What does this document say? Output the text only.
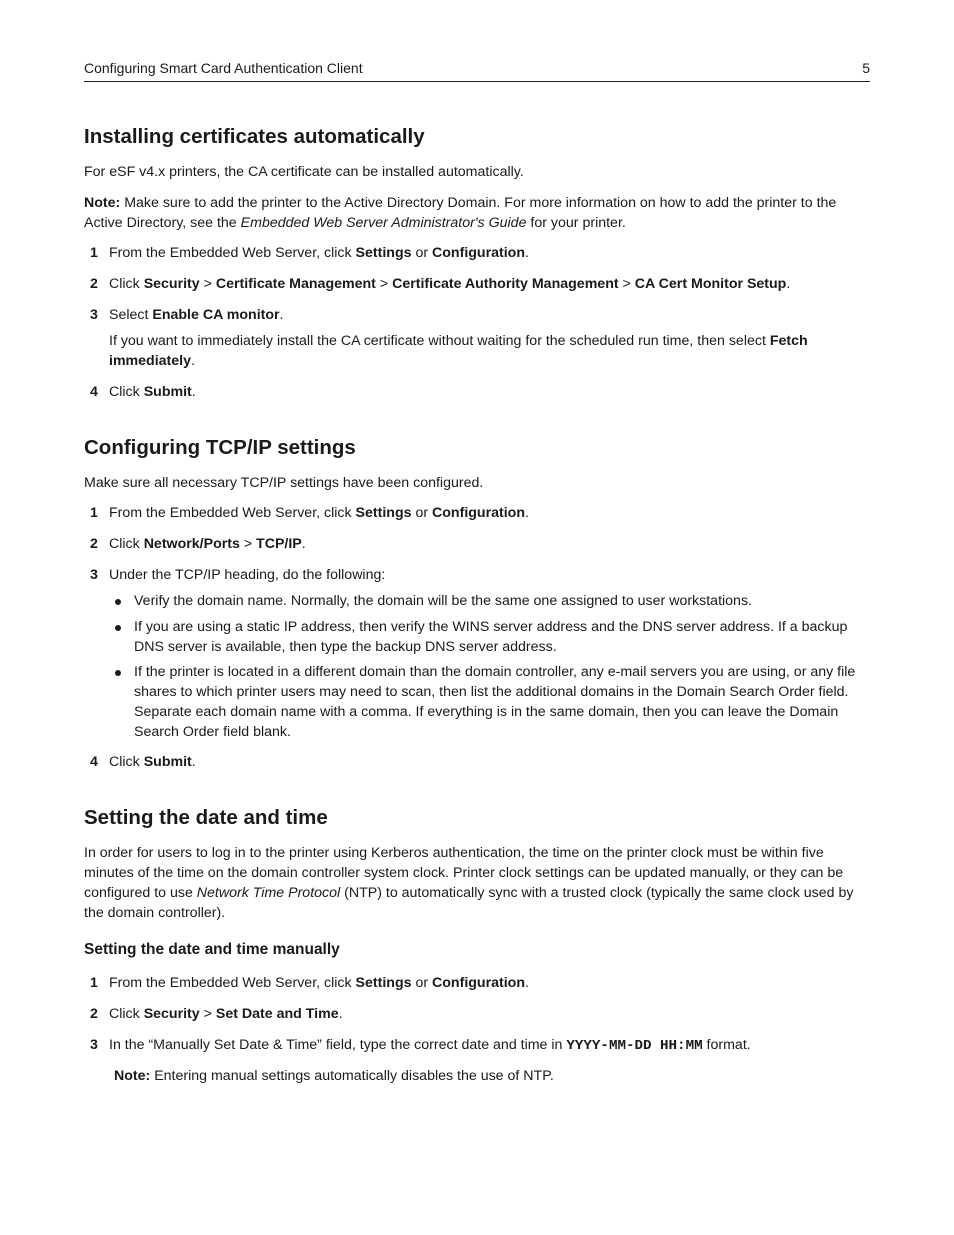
Configuring Smart Card Authentication Client	5
Installing certificates automatically

For eSF v4.x printers, the CA certificate can be installed automatically.

Note: Make sure to add the printer to the Active Directory Domain. For more information on how to add the printer to the Active Directory, see the Embedded Web Server Administrator's Guide for your printer.

1 From the Embedded Web Server, click Settings or Configuration.
2 Click Security > Certificate Management > Certificate Authority Management > CA Cert Monitor Setup.
3 Select Enable CA monitor.
If you want to immediately install the CA certificate without waiting for the scheduled run time, then select Fetch immediately.
4 Click Submit.
Configuring TCP/IP settings

Make sure all necessary TCP/IP settings have been configured.

1 From the Embedded Web Server, click Settings or Configuration.
2 Click Network/Ports > TCP/IP.
3 Under the TCP/IP heading, do the following:
Verify the domain name. Normally, the domain will be the same one assigned to user workstations.
If you are using a static IP address, then verify the WINS server address and the DNS server address. If a backup DNS server is available, then type the backup DNS server address.
If the printer is located in a different domain than the domain controller, any e-mail servers you are using, or any file shares to which printer users may need to scan, then list the additional domains in the Domain Search Order field. Separate each domain name with a comma. If everything is in the same domain, then you can leave the Domain Search Order field blank.
4 Click Submit.
Setting the date and time

In order for users to log in to the printer using Kerberos authentication, the time on the printer clock must be within five minutes of the time on the domain controller system clock. Printer clock settings can be updated manually, or they can be configured to use Network Time Protocol (NTP) to automatically sync with a trusted clock (typically the same clock used by the domain controller).

Setting the date and time manually
1 From the Embedded Web Server, click Settings or Configuration.
2 Click Security > Set Date and Time.
3 In the “Manually Set Date & Time” field, type the correct date and time in YYYY-MM-DD HH:MM format.

Note: Entering manual settings automatically disables the use of NTP.
